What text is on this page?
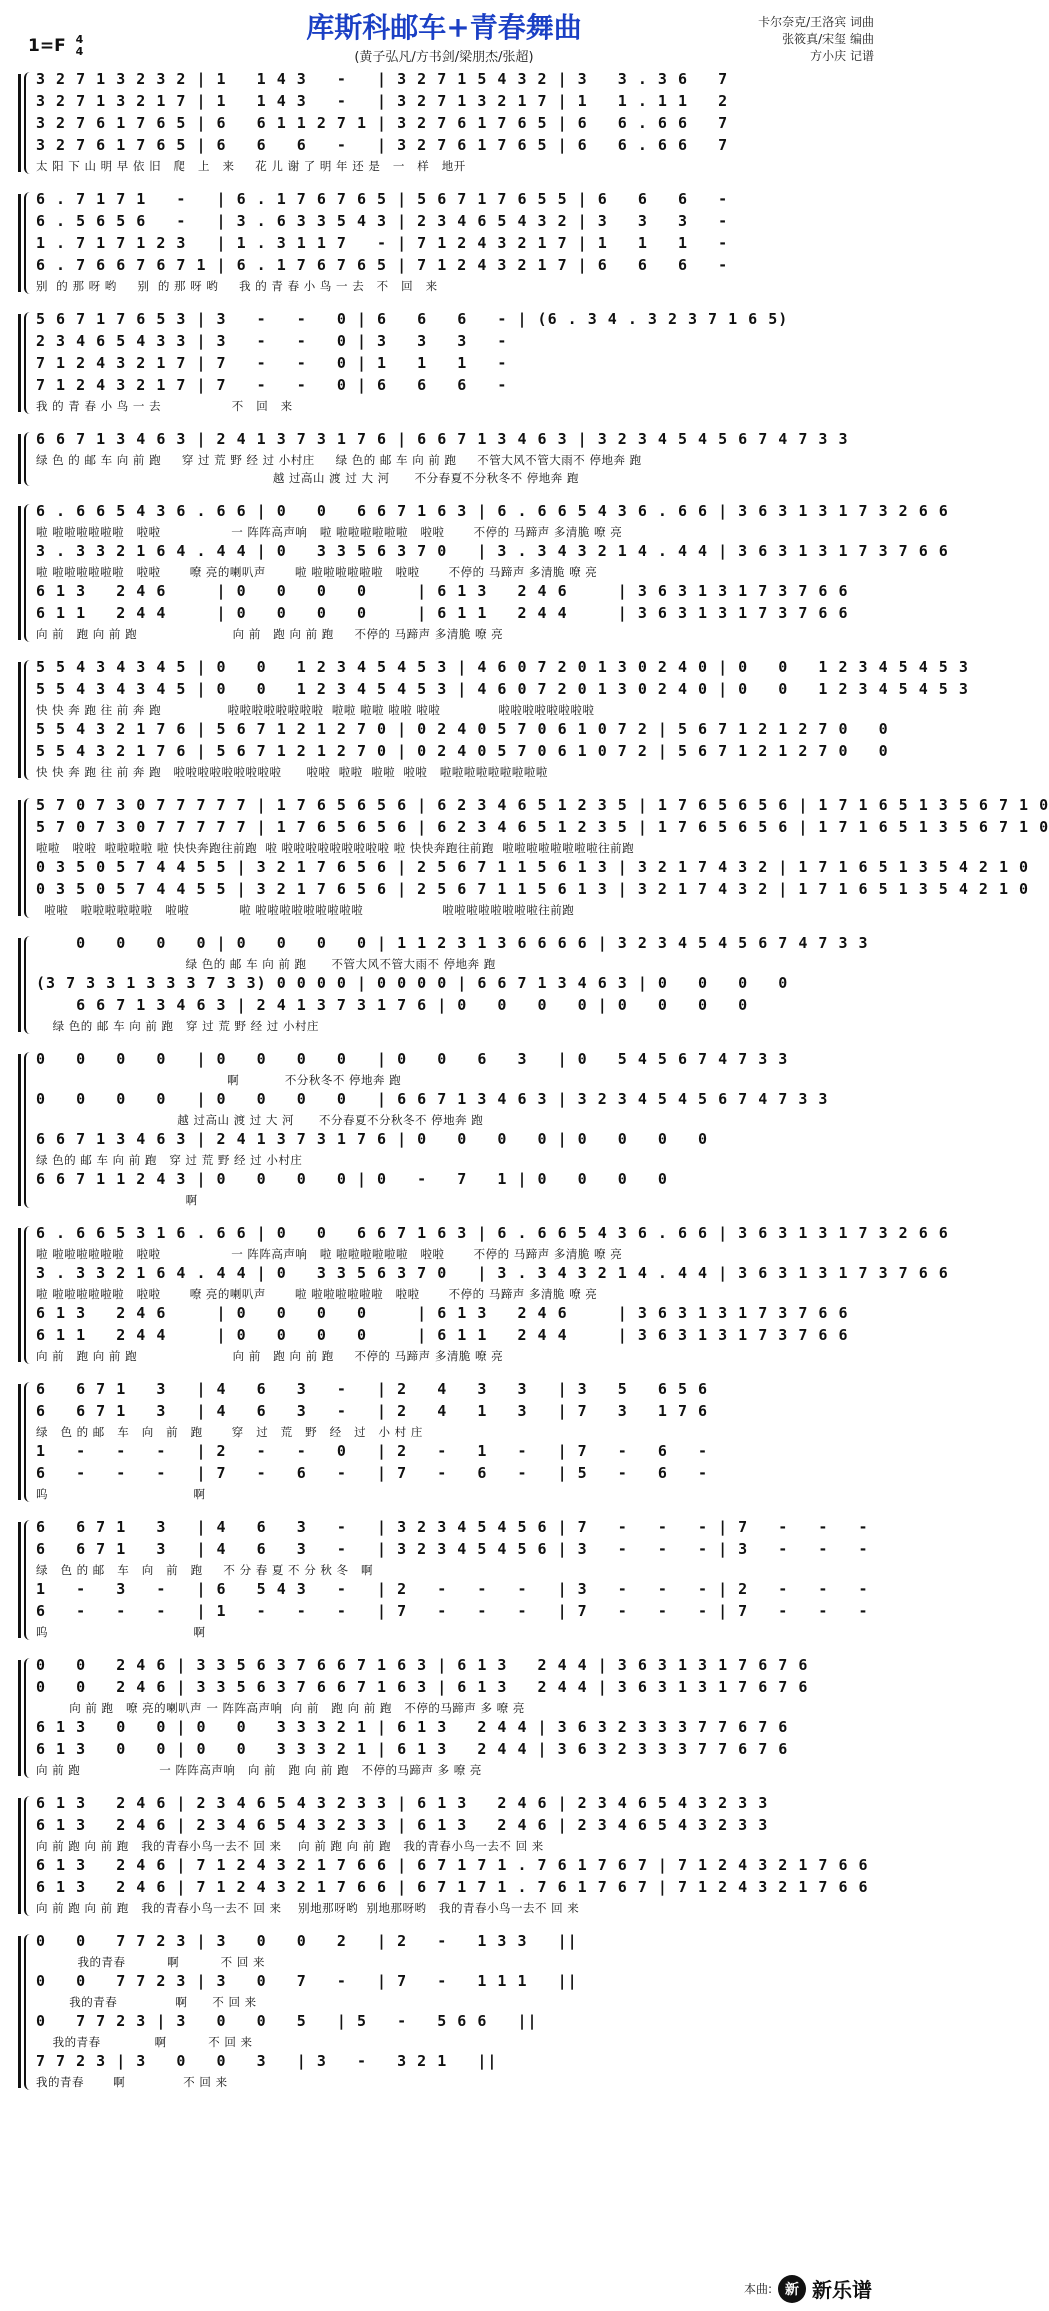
1=F 4
4
库斯科邮车+青春舞曲
(黄子弘凡/方书剑/梁朋杰/张超)
卡尔奈克/王洛宾 词曲
张筱真/宋玺 编曲
方小庆 记谱
3 2 7 1 3 2 3 2 | 1   1 4 3   -   | 3 2 7 1 5 4 3 2 | 3   3 . 3 6   7
3 2 7 1 3 2 1 7 | 1   1 4 3   -   | 3 2 7 1 3 2 1 7 | 1   1 . 1 1   2
3 2 7 6 1 7 6 5 | 6   6 1 1 2 7 1 | 3 2 7 6 1 7 6 5 | 6   6 . 6 6   7
3 2 7 6 1 7 6 5 | 6   6   6   -   | 3 2 7 6 1 7 6 5 | 6   6 . 6 6   7
太 阳 下 山 明 早 依 旧   爬   上   来     花 儿 谢 了 明 年 还 是   一   样   地开
6 . 7 1 7 1   -   | 6 . 1 7 6 7 6 5 | 5 6 7 1 7 6 5 5 | 6   6   6   -
6 . 5 6 5 6   -   | 3 . 6 3 3 5 4 3 | 2 3 4 6 5 4 3 2 | 3   3   3   -
1 . 7 1 7 1 2 3   | 1 . 3 1 1 7   - | 7 1 2 4 3 2 1 7 | 1   1   1   -
6 . 7 6 6 7 6 7 1 | 6 . 1 7 6 7 6 5 | 7 1 2 4 3 2 1 7 | 6   6   6   -
别  的 那 呀 哟     别  的 那 呀 哟     我 的 青 春 小 鸟 一 去   不   回   来
5 6 7 1 7 6 5 3 | 3   -   -   0 | 6   6   6   - | (6 . 3 4 . 3 2 3 7 1 6 5)
2 3 4 6 5 4 3 3 | 3   -   -   0 | 3   3   3   -
7 1 2 4 3 2 1 7 | 7   -   -   0 | 1   1   1   -
7 1 2 4 3 2 1 7 | 7   -   -   0 | 6   6   6   -
我 的 青 春 小 鸟 一 去                 不   回   来
6 6 7 1 3 4 6 3 | 2 4 1 3 7 3 1 7 6 | 6 6 7 1 3 4 6 3 | 3 2 3 4 5 4 5 6 7 4 7 3 3
绿 色 的 邮 车 向 前 跑     穿 过 荒 野 经 过 小村庄     绿 色的 邮 车 向 前 跑     不管大风不管大雨不 停地奔 跑
越 过高山 渡 过 大 河      不分春夏不分秋冬不 停地奔 跑
6 . 6 6 5 4 3 6 . 6 6 | 0   0   6 6 7 1 6 3 | 6 . 6 6 5 4 3 6 . 6 6 | 3 6 3 1 3 1 7 3 2 6 6
啦 啦啦啦啦啦啦   啦啦                 一 阵阵高声响   啦 啦啦啦啦啦啦   啦啦       不停的 马蹄声 多清脆 嘹 亮
3 . 3 3 2 1 6 4 . 4 4 | 0   3 3 5 6 3 7 0   | 3 . 3 4 3 2 1 4 . 4 4 | 3 6 3 1 3 1 7 3 7 6 6
啦 啦啦啦啦啦啦   啦啦       嘹 亮的喇叭声       啦 啦啦啦啦啦啦   啦啦       不停的 马蹄声 多清脆 嘹 亮
6 1 3   2 4 6     | 0   0   0   0     | 6 1 3   2 4 6     | 3 6 3 1 3 1 7 3 7 6 6
6 1 1   2 4 4     | 0   0   0   0     | 6 1 1   2 4 4     | 3 6 3 1 3 1 7 3 7 6 6
向 前   跑 向 前 跑                       向 前   跑 向 前 跑     不停的 马蹄声 多清脆 嘹 亮
5 5 4 3 4 3 4 5 | 0   0   1 2 3 4 5 4 5 3 | 4 6 0 7 2 0 1 3 0 2 4 0 | 0   0   1 2 3 4 5 4 5 3
5 5 4 3 4 3 4 5 | 0   0   1 2 3 4 5 4 5 3 | 4 6 0 7 2 0 1 3 0 2 4 0 | 0   0   1 2 3 4 5 4 5 3
快 快 奔 跑 往 前 奔 跑                啦啦啦啦啦啦啦啦  啦啦 啦啦 啦啦 啦啦              啦啦啦啦啦啦啦啦
5 5 4 3 2 1 7 6 | 5 6 7 1 2 1 2 7 0 | 0 2 4 0 5 7 0 6 1 0 7 2 | 5 6 7 1 2 1 2 7 0   0
5 5 4 3 2 1 7 6 | 5 6 7 1 2 1 2 7 0 | 0 2 4 0 5 7 0 6 1 0 7 2 | 5 6 7 1 2 1 2 7 0   0
快 快 奔 跑 往 前 奔 跑   啦啦啦啦啦啦啦啦啦      啦啦  啦啦  啦啦  啦啦   啦啦啦啦啦啦啦啦啦
5 7 0 7 3 0 7 7 7 7 7 | 1 7 6 5 6 5 6 | 6 2 3 4 6 5 1 2 3 5 | 1 7 6 5 6 5 6 | 1 7 1 6 5 1 3 5 6 7 1 0
5 7 0 7 3 0 7 7 7 7 7 | 1 7 6 5 6 5 6 | 6 2 3 4 6 5 1 2 3 5 | 1 7 6 5 6 5 6 | 1 7 1 6 5 1 3 5 6 7 1 0
啦啦   啦啦  啦啦啦啦 啦 快快奔跑往前跑  啦 啦啦啦啦啦啦啦啦啦 啦 快快奔跑往前跑  啦啦啦啦啦啦啦啦往前跑
0 3 5 0 5 7 4 4 5 5 | 3 2 1 7 6 5 6 | 2 5 6 7 1 1 5 6 1 3 | 3 2 1 7 4 3 2 | 1 7 1 6 5 1 3 5 4 2 1 0
0 3 5 0 5 7 4 4 5 5 | 3 2 1 7 6 5 6 | 2 5 6 7 1 1 5 6 1 3 | 3 2 1 7 4 3 2 | 1 7 1 6 5 1 3 5 4 2 1 0
啦啦   啦啦啦啦啦啦   啦啦            啦 啦啦啦啦啦啦啦啦啦                   啦啦啦啦啦啦啦啦往前跑
0   0   0   0 | 0   0   0   0 | 1 1 2 3 1 3 6 6 6 6 | 3 2 3 4 5 4 5 6 7 4 7 3 3
绿 色的 邮 车 向 前 跑      不管大风不管大雨不 停地奔 跑
(3 7 3 3 1 3 3 3 7 3 3) 0 0 0 0 | 0 0 0 0 | 6 6 7 1 3 4 6 3 | 0   0   0   0
6 6 7 1 3 4 6 3 | 2 4 1 3 7 3 1 7 6 | 0   0   0   0 | 0   0   0   0
绿 色的 邮 车 向 前 跑   穿 过 荒 野 经 过 小村庄
0   0   0   0   | 0   0   0   0   | 0   0   6   3   | 0   5 4 5 6 7 4 7 3 3
啊           不分秋冬不 停地奔 跑
0   0   0   0   | 0   0   0   0   | 6 6 7 1 3 4 6 3 | 3 2 3 4 5 4 5 6 7 4 7 3 3
越 过高山 渡 过 大 河      不分春夏不分秋冬不 停地奔 跑
6 6 7 1 3 4 6 3 | 2 4 1 3 7 3 1 7 6 | 0   0   0   0 | 0   0   0   0
绿 色的 邮 车 向 前 跑   穿 过 荒 野 经 过 小村庄
6 6 7 1 1 2 4 3 | 0   0   0   0 | 0   -   7   1 | 0   0   0   0
啊
6 . 6 6 5 3 1 6 . 6 6 | 0   0   6 6 7 1 6 3 | 6 . 6 6 5 4 3 6 . 6 6 | 3 6 3 1 3 1 7 3 2 6 6
啦 啦啦啦啦啦啦   啦啦                 一 阵阵高声响   啦 啦啦啦啦啦啦   啦啦       不停的 马蹄声 多清脆 嘹 亮
3 . 3 3 2 1 6 4 . 4 4 | 0   3 3 5 6 3 7 0   | 3 . 3 4 3 2 1 4 . 4 4 | 3 6 3 1 3 1 7 3 7 6 6
啦 啦啦啦啦啦啦   啦啦       嘹 亮的喇叭声       啦 啦啦啦啦啦啦   啦啦       不停的 马蹄声 多清脆 嘹 亮
6 1 3   2 4 6     | 0   0   0   0     | 6 1 3   2 4 6     | 3 6 3 1 3 1 7 3 7 6 6
6 1 1   2 4 4     | 0   0   0   0     | 6 1 1   2 4 4     | 3 6 3 1 3 1 7 3 7 6 6
向 前   跑 向 前 跑                       向 前   跑 向 前 跑     不停的 马蹄声 多清脆 嘹 亮
6   6 7 1   3   | 4   6   3   -   | 2   4   3   3   | 3   5   6 5 6
6   6 7 1   3   | 4   6   3   -   | 2   4   1   3   | 7   3   1 7 6
绿   色 的 邮   车   向   前   跑       穿   过   荒   野   经   过   小 村 庄
1   -   -   -   | 2   -   -   0   | 2   -   1   -   | 7   -   6   -
6   -   -   -   | 7   -   6   -   | 7   -   6   -   | 5   -   6   -
呜                                   啊
6   6 7 1   3   | 4   6   3   -   | 3 2 3 4 5 4 5 6 | 7   -   -   - | 7   -   -   -
6   6 7 1   3   | 4   6   3   -   | 3 2 3 4 5 4 5 6 | 3   -   -   - | 3   -   -   -
绿   色 的 邮   车   向   前   跑     不 分 春 夏 不 分 秋 冬   啊
1   -   3   -   | 6   5 4 3   -   | 2   -   -   -   | 3   -   -   - | 2   -   -   -
6   -   -   -   | 1   -   -   -   | 7   -   -   -   | 7   -   -   - | 7   -   -   -
呜                                   啊
0   0   2 4 6 | 3 3 5 6 3 7 6 6 7 1 6 3 | 6 1 3   2 4 4 | 3 6 3 1 3 1 7 6 7 6
0   0   2 4 6 | 3 3 5 6 3 7 6 6 7 1 6 3 | 6 1 3   2 4 4 | 3 6 3 1 3 1 7 6 7 6
向 前 跑   嘹 亮的喇叭声 一 阵阵高声响  向 前   跑 向 前 跑   不停的马蹄声 多 嘹 亮
6 1 3   0   0 | 0   0   3 3 3 2 1 | 6 1 3   2 4 4 | 3 6 3 2 3 3 3 7 7 6 7 6
6 1 3   0   0 | 0   0   3 3 3 2 1 | 6 1 3   2 4 4 | 3 6 3 2 3 3 3 7 7 6 7 6
向 前 跑                   一 阵阵高声响   向 前   跑 向 前 跑   不停的马蹄声 多 嘹 亮
6 1 3   2 4 6 | 2 3 4 6 5 4 3 2 3 3 | 6 1 3   2 4 6 | 2 3 4 6 5 4 3 2 3 3
6 1 3   2 4 6 | 2 3 4 6 5 4 3 2 3 3 | 6 1 3   2 4 6 | 2 3 4 6 5 4 3 2 3 3
向 前 跑 向 前 跑   我的青春小鸟一去不 回 来    向 前 跑 向 前 跑   我的青春小鸟一去不 回 来
6 1 3   2 4 6 | 7 1 2 4 3 2 1 7 6 6 | 6 7 1 7 1 . 7 6 1 7 6 7 | 7 1 2 4 3 2 1 7 6 6
6 1 3   2 4 6 | 7 1 2 4 3 2 1 7 6 6 | 6 7 1 7 1 . 7 6 1 7 6 7 | 7 1 2 4 3 2 1 7 6 6
向 前 跑 向 前 跑   我的青春小鸟一去不 回 来    别地那呀哟  别地那呀哟   我的青春小鸟一去不 回 来
0   0   7 7 2 3 | 3   0   0   2   | 2   -   1 3 3   ||
我的青春          啊          不 回 来
0   0   7 7 2 3 | 3   0   7   -   | 7   -   1 1 1   ||
我的青春              啊      不 回 来
0   7 7 2 3 | 3   0   0   5   | 5   -   5 6 6   ||
我的青春             啊          不 回 来
7 7 2 3 | 3   0   0   3   | 3   -   3 2 1   ||
我的青春       啊              不 回 来
本曲: 新 新乐谱
